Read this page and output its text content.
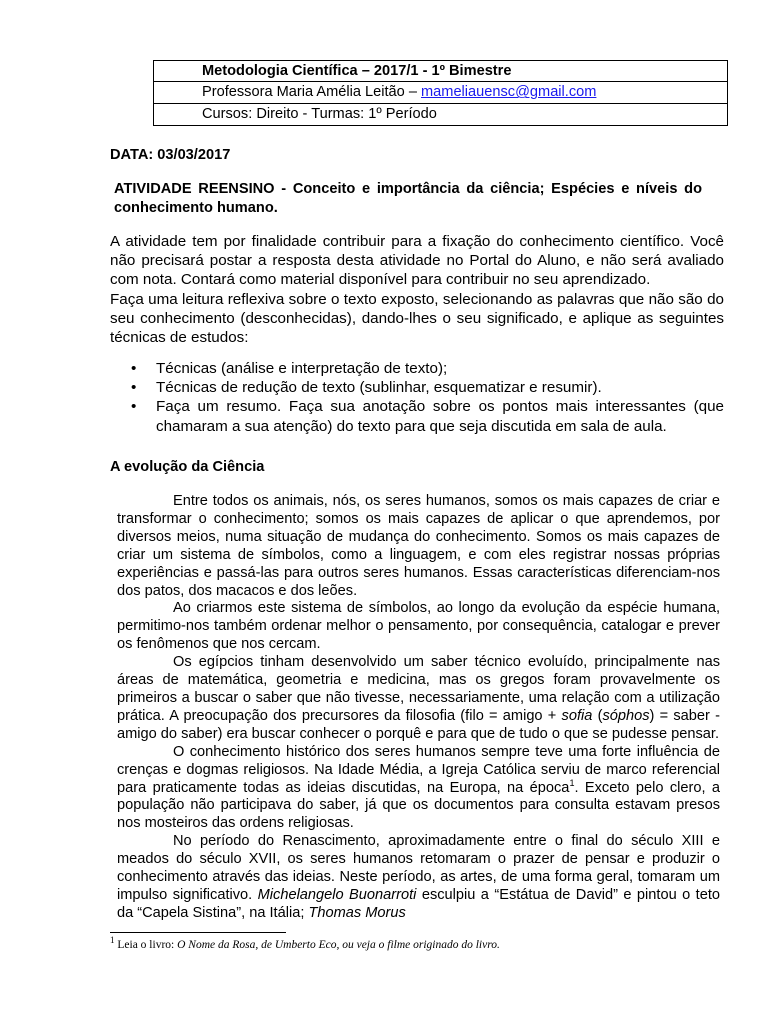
Metodologia Científica – 2017/1 - 1º Bimestre
Professora Maria Amélia Leitão – mameliauensc@gmail.com
Cursos: Direito - Turmas: 1º Período
DATA: 03/03/2017
ATIVIDADE REENSINO - Conceito e importância da ciência; Espécies e níveis do conhecimento humano.

A atividade tem por finalidade contribuir para a fixação do conhecimento científico. Você não precisará postar a resposta desta atividade no Portal do Aluno, e não será avaliado com nota. Contará como material disponível para contribuir no seu aprendizado.

Faça uma leitura reflexiva sobre o texto exposto, selecionando as palavras que não são do seu conhecimento (desconhecidas), dando-lhes o seu significado, e aplique as seguintes técnicas de estudos:

• Técnicas (análise e interpretação de texto);
• Técnicas de redução de texto (sublinhar, esquematizar e resumir).
• Faça um resumo. Faça sua anotação sobre os pontos mais interessantes (que chamaram a sua atenção) do texto para que seja discutida em sala de aula.
A evolução da Ciência

Entre todos os animais, nós, os seres humanos, somos os mais capazes de criar e transformar o conhecimento; somos os mais capazes de aplicar o que aprendemos, por diversos meios, numa situação de mudança do conhecimento. Somos os mais capazes de criar um sistema de símbolos, como a linguagem, e com eles registrar nossas próprias experiências e passá-las para outros seres humanos. Essas características diferenciam-nos dos patos, dos macacos e dos leões.

Ao criarmos este sistema de símbolos, ao longo da evolução da espécie humana, permitimo-nos também ordenar melhor o pensamento, por consequência, catalogar e prever os fenômenos que nos cercam.

Os egípcios tinham desenvolvido um saber técnico evoluído, principalmente nas áreas de matemática, geometria e medicina, mas os gregos foram provavelmente os primeiros a buscar o saber que não tivesse, necessariamente, uma relação com a utilização prática. A preocupação dos precursores da filosofia (filo = amigo + sofia (sóphos) = saber - amigo do saber) era buscar conhecer o porquê e para que de tudo o que se pudesse pensar.

O conhecimento histórico dos seres humanos sempre teve uma forte influência de crenças e dogmas religiosos. Na Idade Média, a Igreja Católica serviu de marco referencial para praticamente todas as ideias discutidas, na Europa, na época$^1$. Exceto pelo clero, a população não participava do saber, já que os documentos para consulta estavam presos nos mosteiros das ordens religiosas.

No período do Renascimento, aproximadamente entre o final do século XIII e meados do século XVII, os seres humanos retomaram o prazer de pensar e produzir o conhecimento através das ideias. Neste período, as artes, de uma forma geral, tomaram um impulso significativo. Michelangelo Buonarroti esculpiu a “Estátua de David” e pintou o teto da “Capela Sistina”, na Itália; Thomas Morus

$^1$ Leia o livro: O Nome da Rosa, de Umberto Eco, ou veja o filme originado do livro.
